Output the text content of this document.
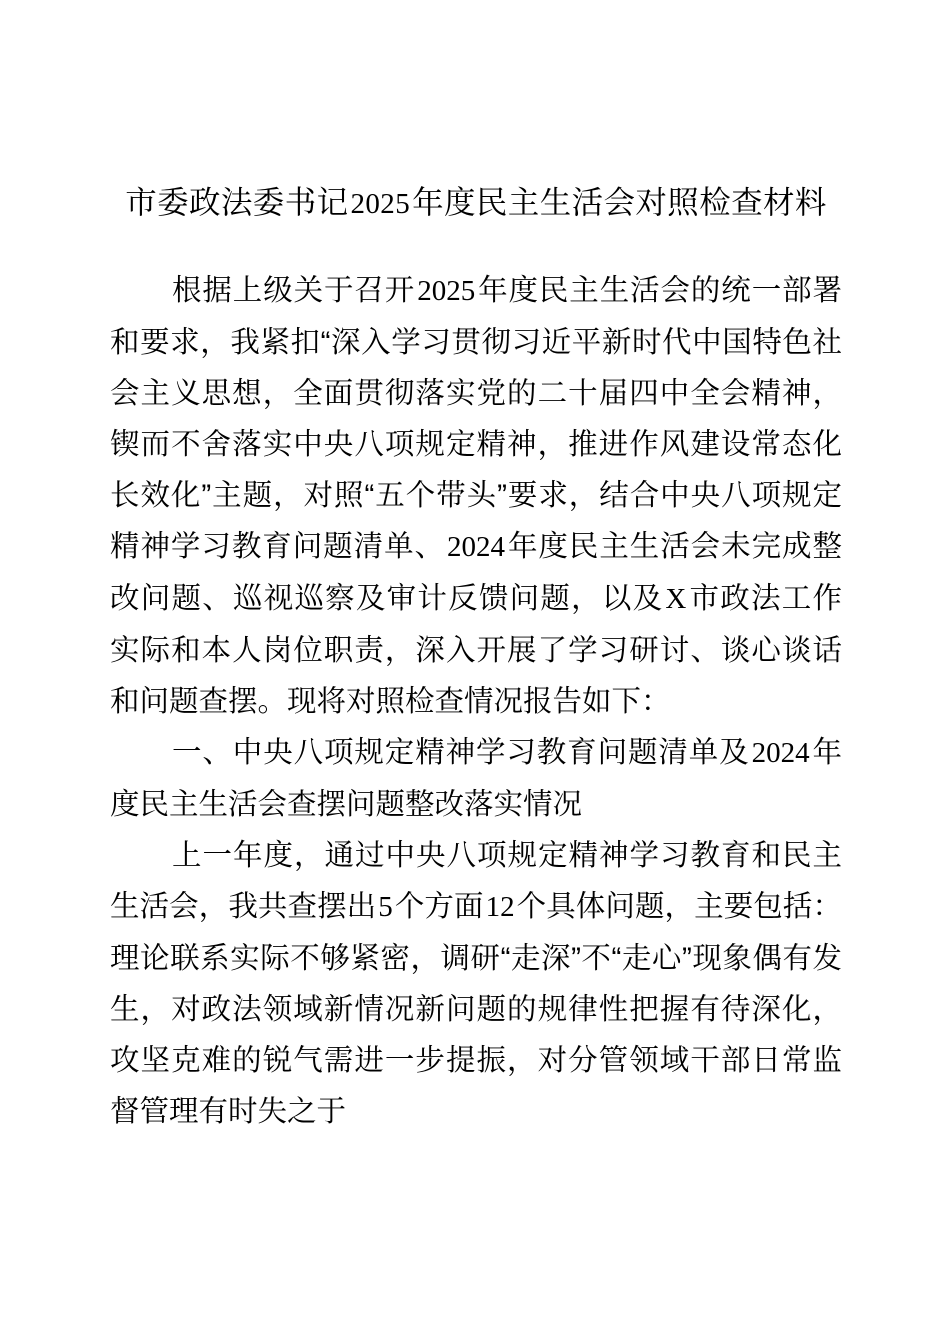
市委政法委书记2025年度民主生活会对照检查材料

根据上级关于召开2025年度民主生活会的统一部署和要求，我紧扣“深入学习贯彻习近平新时代中国特色社会主义思想，全面贯彻落实党的二十届四中全会精神，锲而不舍落实中央八项规定精神，推进作风建设常态化长效化”主题，对照“五个带头”要求，结合中央八项规定精神学习教育问题清单、2024年度民主生活会未完成整改问题、巡视巡察及审计反馈问题，以及X市政法工作实际和本人岗位职责，深入开展了学习研讨、谈心谈话和问题查摆。现将对照检查情况报告如下：

一、中央八项规定精神学习教育问题清单及2024年度民主生活会查摆问题整改落实情况

上一年度，通过中央八项规定精神学习教育和民主生活会，我共查摆出5个方面12个具体问题，主要包括：理论联系实际不够紧密，调研“走深”不“走心”现象偶有发生，对政法领域新情况新问题的规律性把握有待深化，攻坚克难的锐气需进一步提振，对分管领域干部日常监督管理有时失之于
